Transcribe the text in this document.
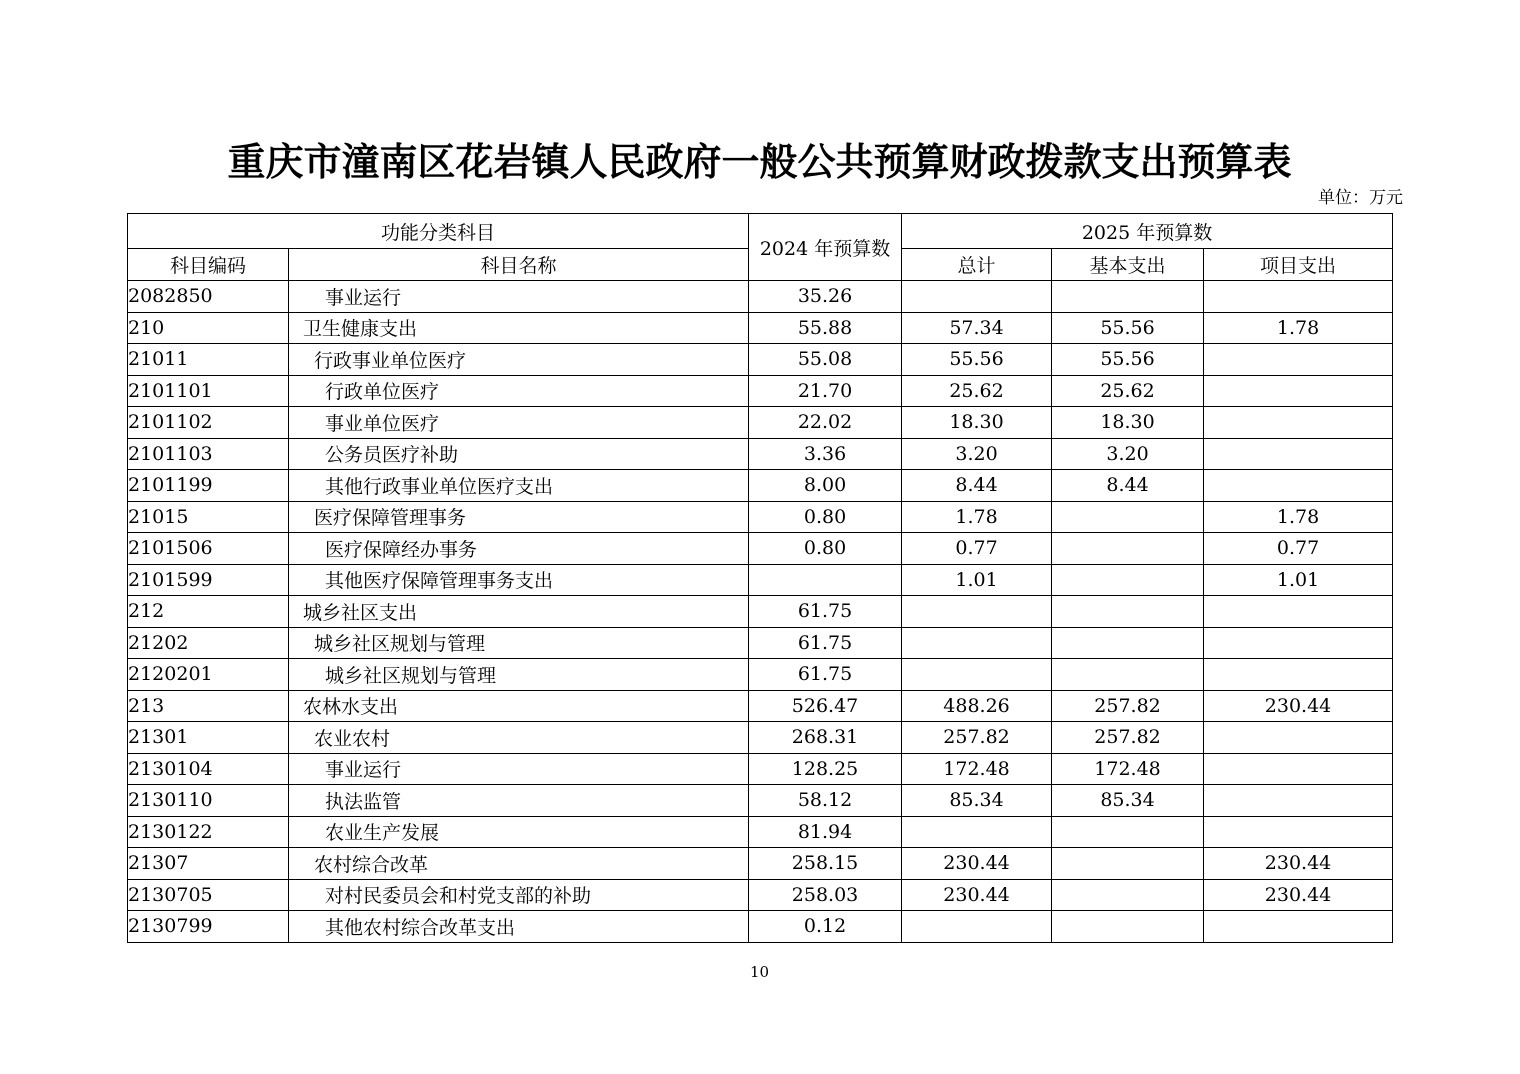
重庆市潼南区花岩镇人民政府一般公共预算财政拨款支出预算表
单位：万元
功能分类科目		2024 年预算数	2025 年预算数		
科目编码	科目名称		总计	基本支出	项目支出
2082850	事业运行	35.26			
210	卫生健康支出	55.88	57.34	55.56	1.78
21011	行政事业单位医疗	55.08	55.56	55.56	
2101101	行政单位医疗	21.70	25.62	25.62	
2101102	事业单位医疗	22.02	18.30	18.30	
2101103	公务员医疗补助	3.36	3.20	3.20	
2101199	其他行政事业单位医疗支出	8.00	8.44	8.44	
21015	医疗保障管理事务	0.80	1.78		1.78
2101506	医疗保障经办事务	0.80	0.77		0.77
2101599	其他医疗保障管理事务支出		1.01		1.01
212	城乡社区支出	61.75			
21202	城乡社区规划与管理	61.75			
2120201	城乡社区规划与管理	61.75			
213	农林水支出	526.47	488.26	257.82	230.44
21301	农业农村	268.31	257.82	257.82	
2130104	事业运行	128.25	172.48	172.48	
2130110	执法监管	58.12	85.34	85.34	
2130122	农业生产发展	81.94			
21307	农村综合改革	258.15	230.44		230.44
2130705	对村民委员会和村党支部的补助	258.03	230.44		230.44
2130799	其他农村综合改革支出	0.12			
10
